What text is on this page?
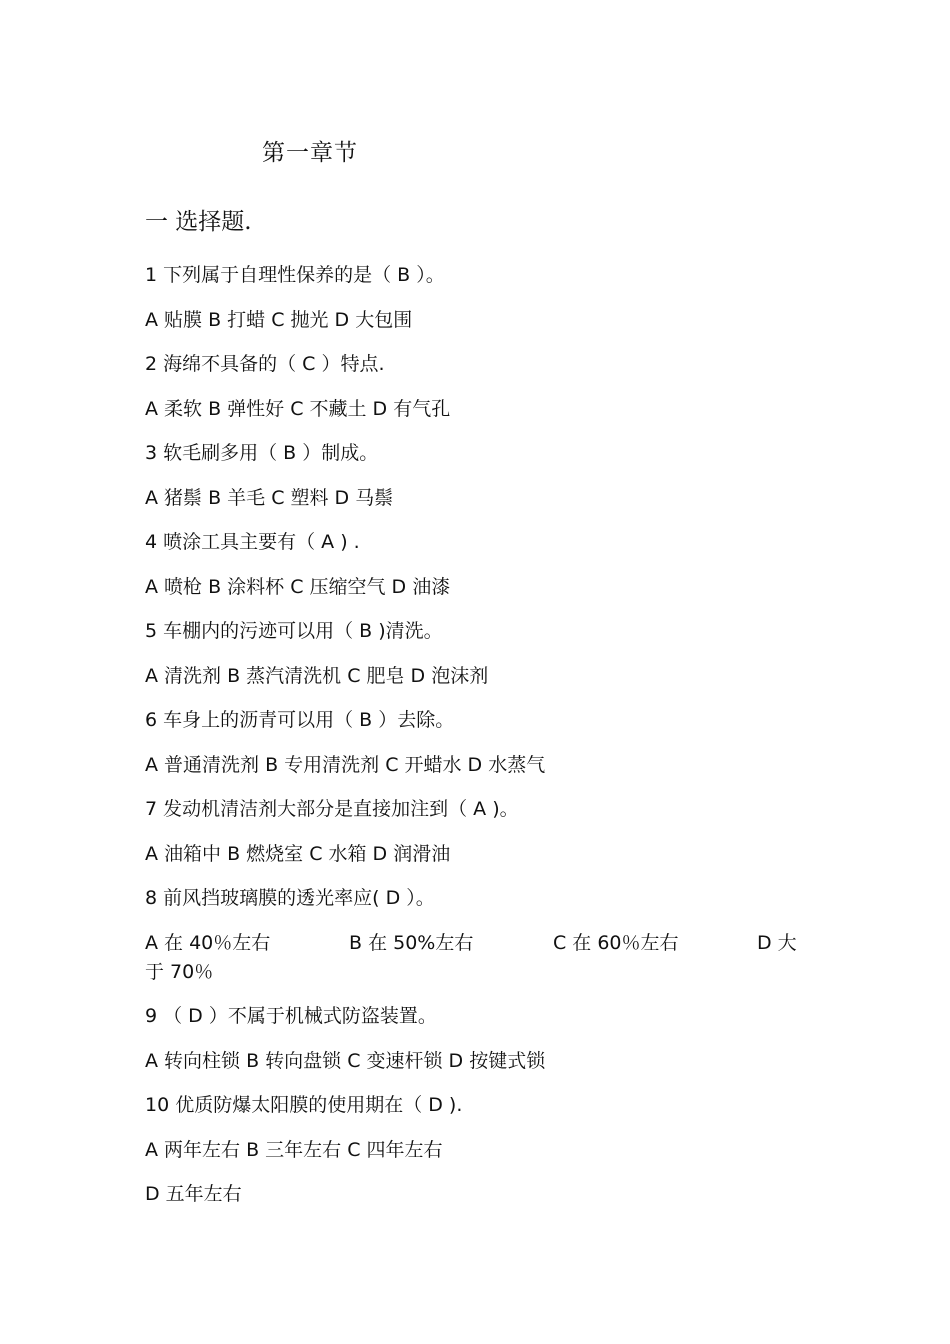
第一章节
一 选择题.
1 下列属于自理性保养的是（ B ）。
A 贴膜 B 打蜡 C 抛光 D 大包围
2 海绵不具备的（ C ）特点.
A 柔软 B 弹性好 C 不藏土 D 有气孔
3 软毛刷多用（ B ）制成。
A 猪鬃 B 羊毛 C 塑料 D 马鬃
4 喷涂工具主要有（ A ) .
A 喷枪 B 涂料杯 C 压缩空气 D 油漆
5 车棚内的污迹可以用（ B )清洗。
A 清洗剂 B 蒸汽清洗机 C 肥皂 D 泡沫剂
6 车身上的沥青可以用（ B ）去除。
A 普通清洗剂 B 专用清洗剂 C 开蜡水 D 水蒸气
7 发动机清洁剂大部分是直接加注到（ A )。
A 油箱中 B 燃烧室 C 水箱 D 润滑油
8 前风挡玻璃膜的透光率应( D ）。
A 在 40％左右	B 在 50%左右	C 在 60％左右	D 大
于 70％
9 （ D ）不属于机械式防盗装置。
A 转向柱锁 B 转向盘锁 C 变速杆锁 D 按键式锁
10 优质防爆太阳膜的使用期在（ D ).
A 两年左右 B 三年左右 C 四年左右
D 五年左右
